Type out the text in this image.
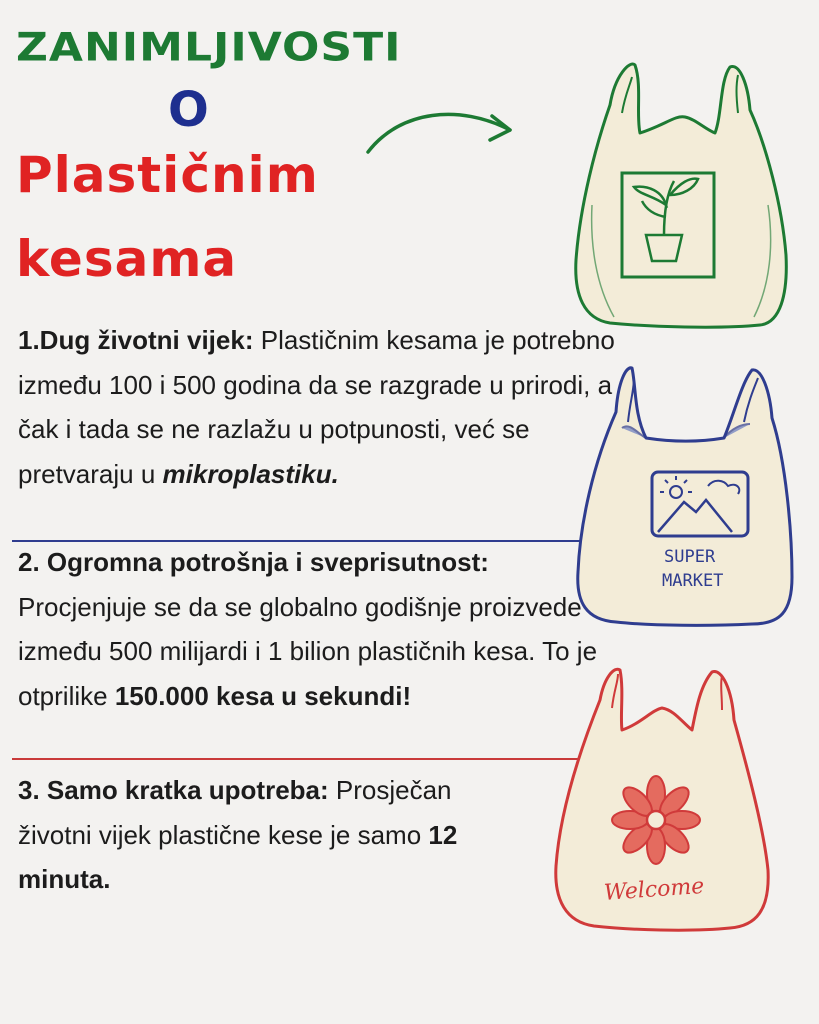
ZANIMLJIVOSTI
O
Plastičnim
kesama

1.Dug životni vijek: Plastičnim kesama je potrebno između 100 i 500 godina da se razgrade u prirodi, a čak i tada se ne razlažu u potpunosti, već se pretvaraju u mikroplastiku.

2. Ogromna potrošnja i sveprisutnost: Procjenjuje se da se globalno godišnje proizvede između 500 milijardi i 1 bilion plastičnih kesa. To je otprilike 150.000 kesa u sekundi!

3. Samo kratka upotreba: Prosječan životni vijek plastične kese je samo 12 minuta.

SUPER
MARKET
Welcome
